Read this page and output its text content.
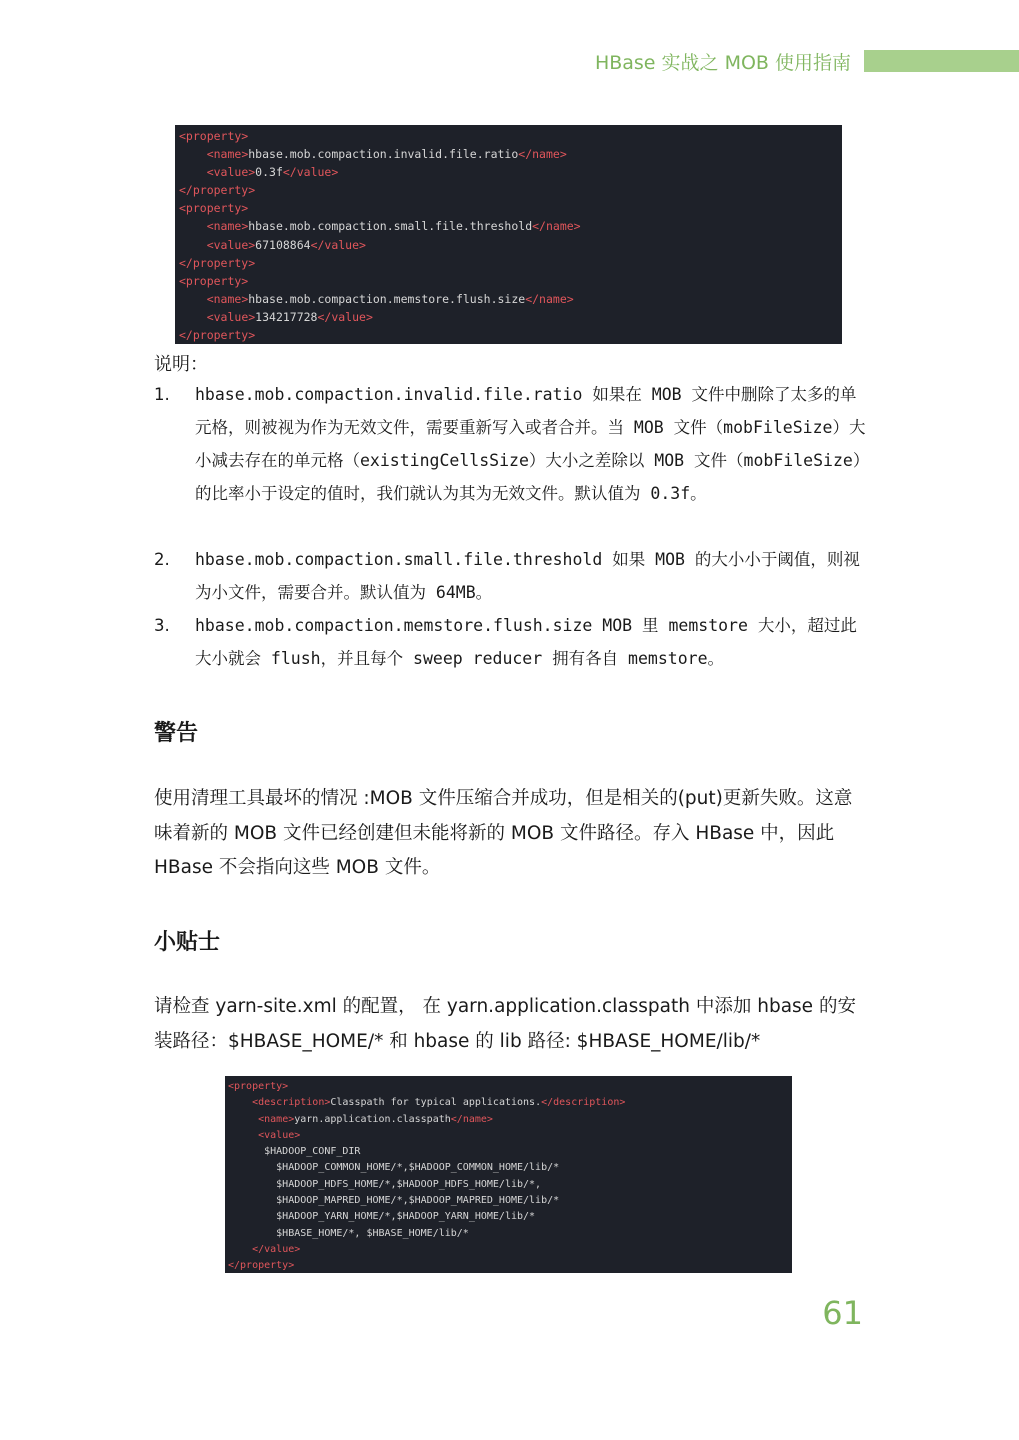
HBase 实战之 MOB 使用指南
<property>
<name>hbase.mob.compaction.invalid.file.ratio</name>
<value>0.3f</value>
</property>
<property>
<name>hbase.mob.compaction.small.file.threshold</name>
<value>67108864</value>
</property>
<property>
<name>hbase.mob.compaction.memstore.flush.size</name>
<value>134217728</value>
</property>
说明：
1. hbase.mob.compaction.invalid.file.ratio 如果在 MOB 文件中删除了太多的单元格，则被视为作为无效文件，需要重新写入或者合并。当 MOB 文件（mobFileSize）大小减去存在的单元格（existingCellsSize）大小之差除以 MOB 文件（mobFileSize）的比率小于设定的值时，我们就认为其为无效文件。默认值为 0.3f。
2. hbase.mob.compaction.small.file.threshold 如果 MOB 的大小小于阈值，则视为小文件，需要合并。默认值为 64MB。
3. hbase.mob.compaction.memstore.flush.size MOB 里 memstore 大小，超过此大小就会 flush，并且每个 sweep reducer 拥有各自 memstore。
警告

使用清理工具最坏的情况 :MOB 文件压缩合并成功，但是相关的(put)更新失败。这意味着新的 MOB 文件已经创建但未能将新的 MOB 文件路径。存入 HBase 中，因此 HBase 不会指向这些 MOB 文件。

小贴士

请检查 yarn-site.xml 的配置， 在 yarn.application.classpath 中添加 hbase 的安装路径：$HBASE_HOME/* 和 hbase 的 lib 路径: $HBASE_HOME/lib/*

<property>
<description>Classpath for typical applications.</description>
<name>yarn.application.classpath</name>
<value>
$HADOOP_CONF_DIR
$HADOOP_COMMON_HOME/*,$HADOOP_COMMON_HOME/lib/*
$HADOOP_HDFS_HOME/*,$HADOOP_HDFS_HOME/lib/*,
$HADOOP_MAPRED_HOME/*,$HADOOP_MAPRED_HOME/lib/*
$HADOOP_YARN_HOME/*,$HADOOP_YARN_HOME/lib/*
$HBASE_HOME/*, $HBASE_HOME/lib/*
</value>
</property>
61
